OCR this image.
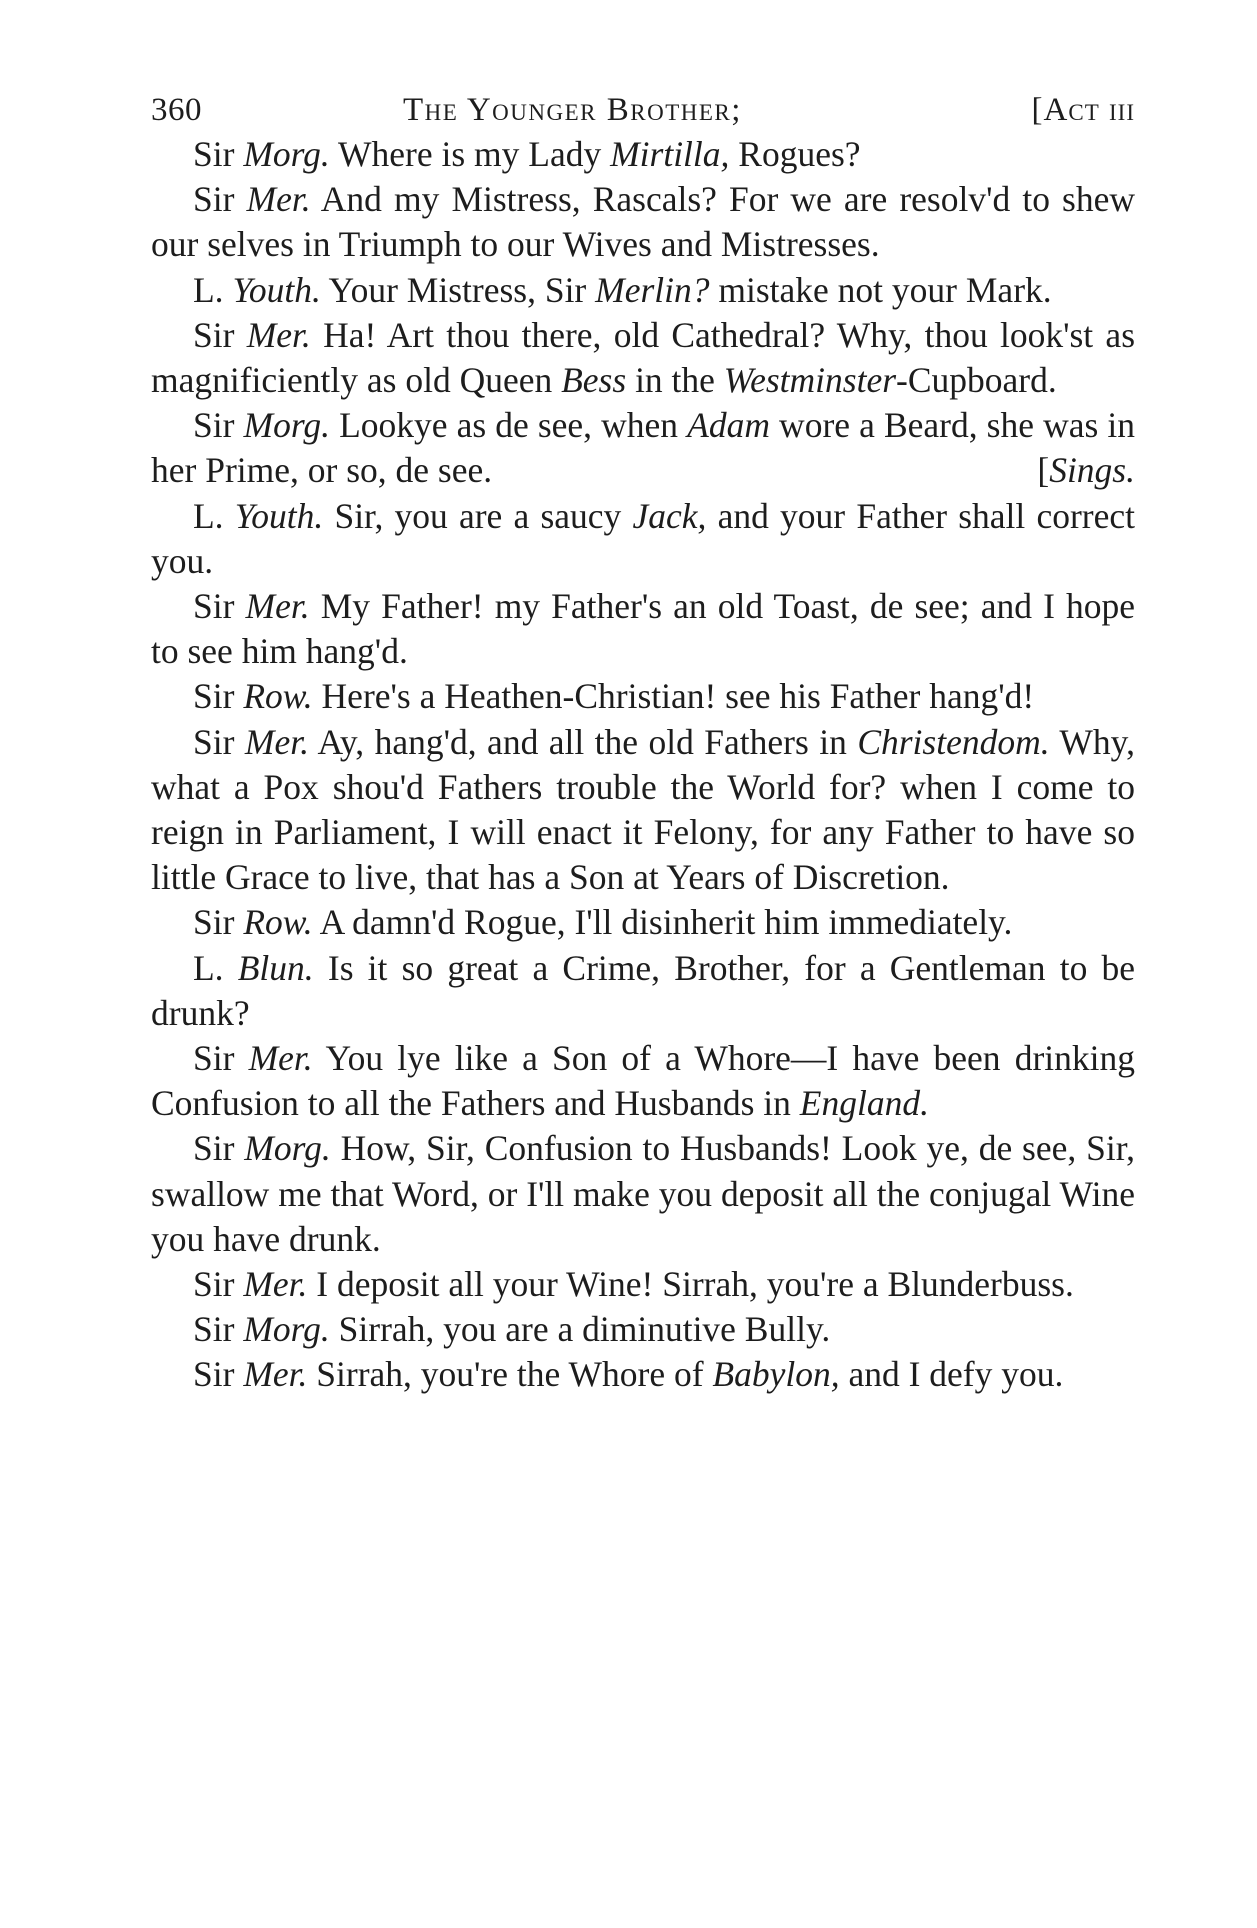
360	The Younger Brother;	[Act iii

Sir Morg. Where is my Lady Mirtilla, Rogues?

Sir Mer. And my Mistress, Rascals? For we are resolv'd to shew our selves in Triumph to our Wives and Mistresses.

L. Youth. Your Mistress, Sir Merlin? mistake not your Mark.

Sir Mer. Ha! Art thou there, old Cathedral? Why, thou look'st as magnificiently as old Queen Bess in the Westminster-Cupboard.

Sir Morg. Lookye as de see, when Adam wore a Beard, she was in her Prime, or so, de see.	[Sings.

L. Youth. Sir, you are a saucy Jack, and your Father shall correct you.

Sir Mer. My Father! my Father's an old Toast, de see; and I hope to see him hang'd.

Sir Row. Here's a Heathen-Christian! see his Father hang'd!

Sir Mer. Ay, hang'd, and all the old Fathers in Christendom. Why, what a Pox shou'd Fathers trouble the World for? when I come to reign in Parliament, I will enact it Felony, for any Father to have so little Grace to live, that has a Son at Years of Discretion.

Sir Row. A damn'd Rogue, I'll disinherit him immediately.

L. Blun. Is it so great a Crime, Brother, for a Gentleman to be drunk?

Sir Mer. You lye like a Son of a Whore—I have been drinking Confusion to all the Fathers and Husbands in England.

Sir Morg. How, Sir, Confusion to Husbands! Look ye, de see, Sir, swallow me that Word, or I'll make you deposit all the conjugal Wine you have drunk.

Sir Mer. I deposit all your Wine! Sirrah, you're a Blunderbuss.

Sir Morg. Sirrah, you are a diminutive Bully.

Sir Mer. Sirrah, you're the Whore of Babylon, and I defy you.
